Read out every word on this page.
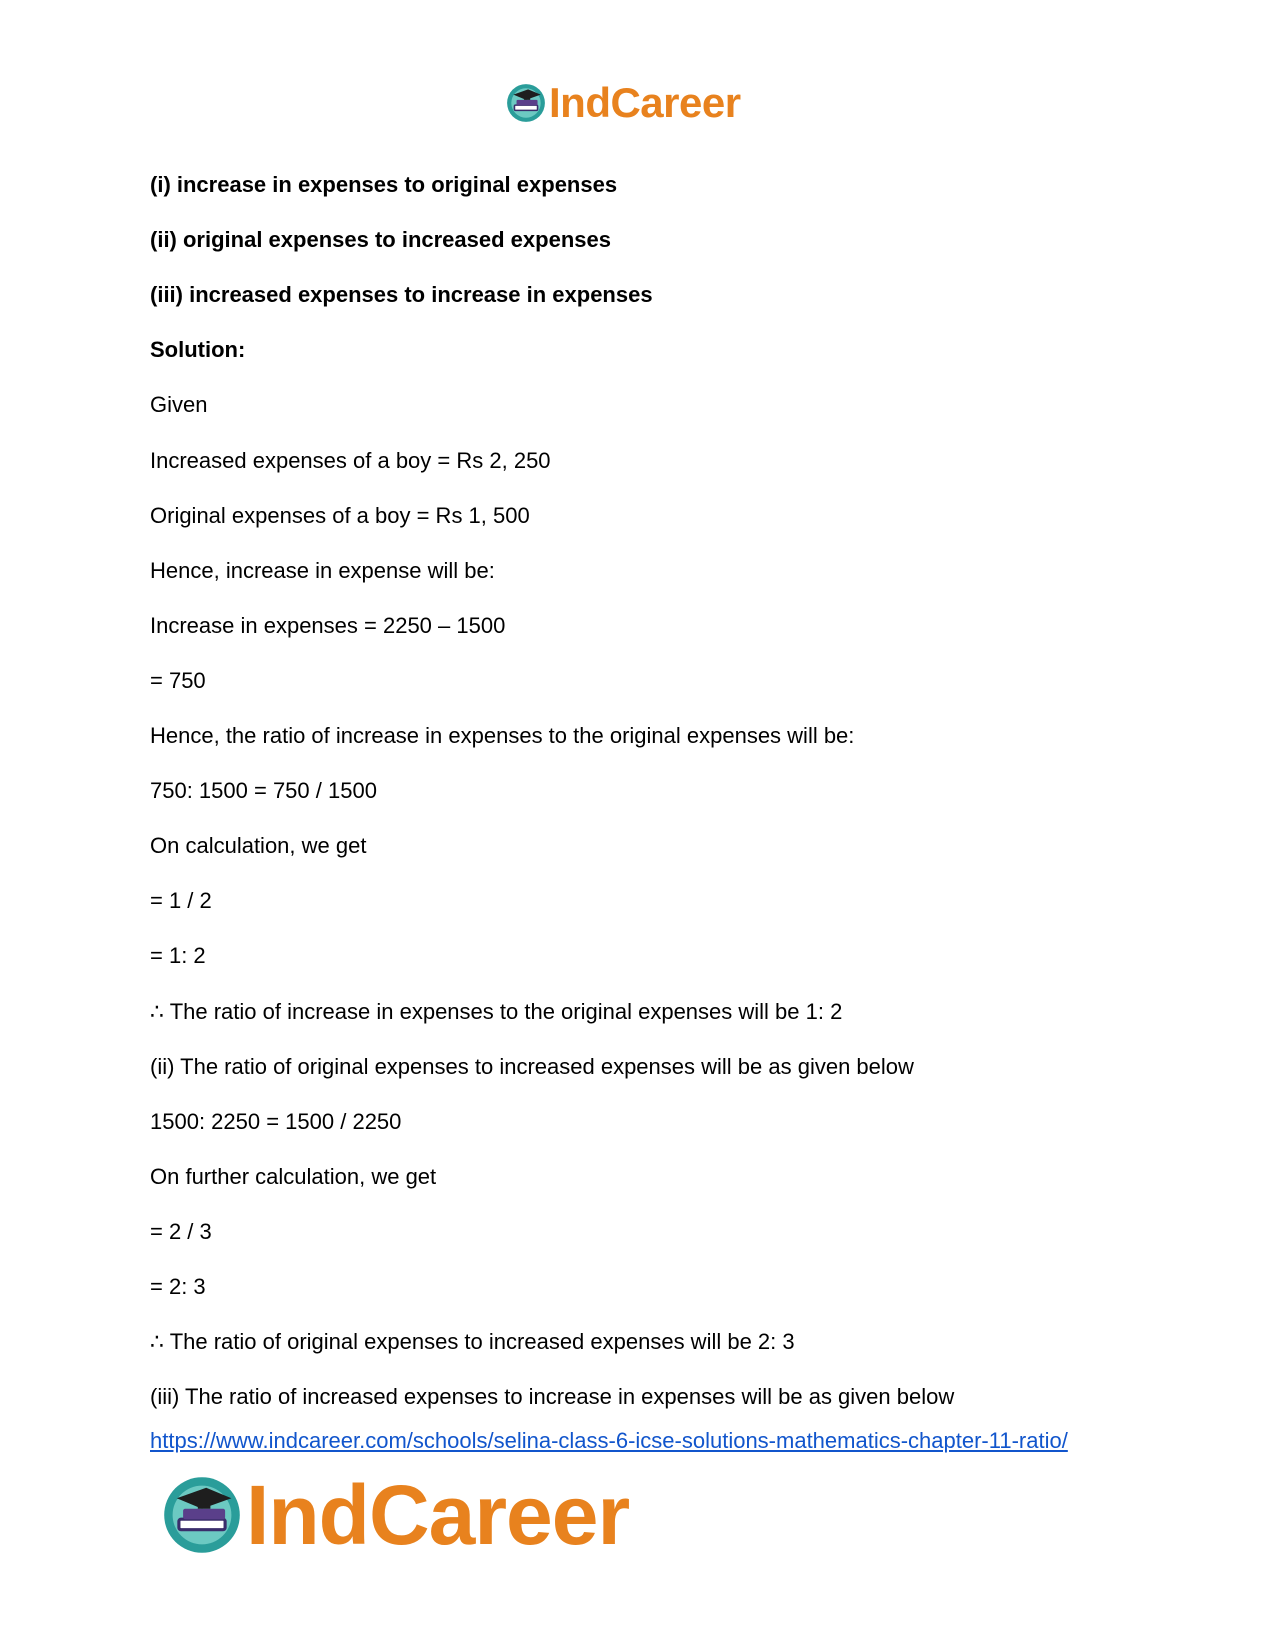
IndCareer
(i) increase in expenses to original expenses
(ii) original expenses to increased expenses
(iii) increased expenses to increase in expenses
Solution:
Given
Increased expenses of a boy = Rs 2, 250
Original expenses of a boy = Rs 1, 500
Hence, increase in expense will be:
Increase in expenses = 2250 – 1500
= 750
Hence, the ratio of increase in expenses to the original expenses will be:
750: 1500 = 750 / 1500
On calculation, we get
= 1 / 2
= 1: 2
∴ The ratio of increase in expenses to the original expenses will be 1: 2
(ii) The ratio of original expenses to increased expenses will be as given below
1500: 2250 = 1500 / 2250
On further calculation, we get
= 2 / 3
= 2: 3
∴ The ratio of original expenses to increased expenses will be 2: 3
(iii) The ratio of increased expenses to increase in expenses will be as given below
https://www.indcareer.com/schools/selina-class-6-icse-solutions-mathematics-chapter-11-ratio/
IndCareer
